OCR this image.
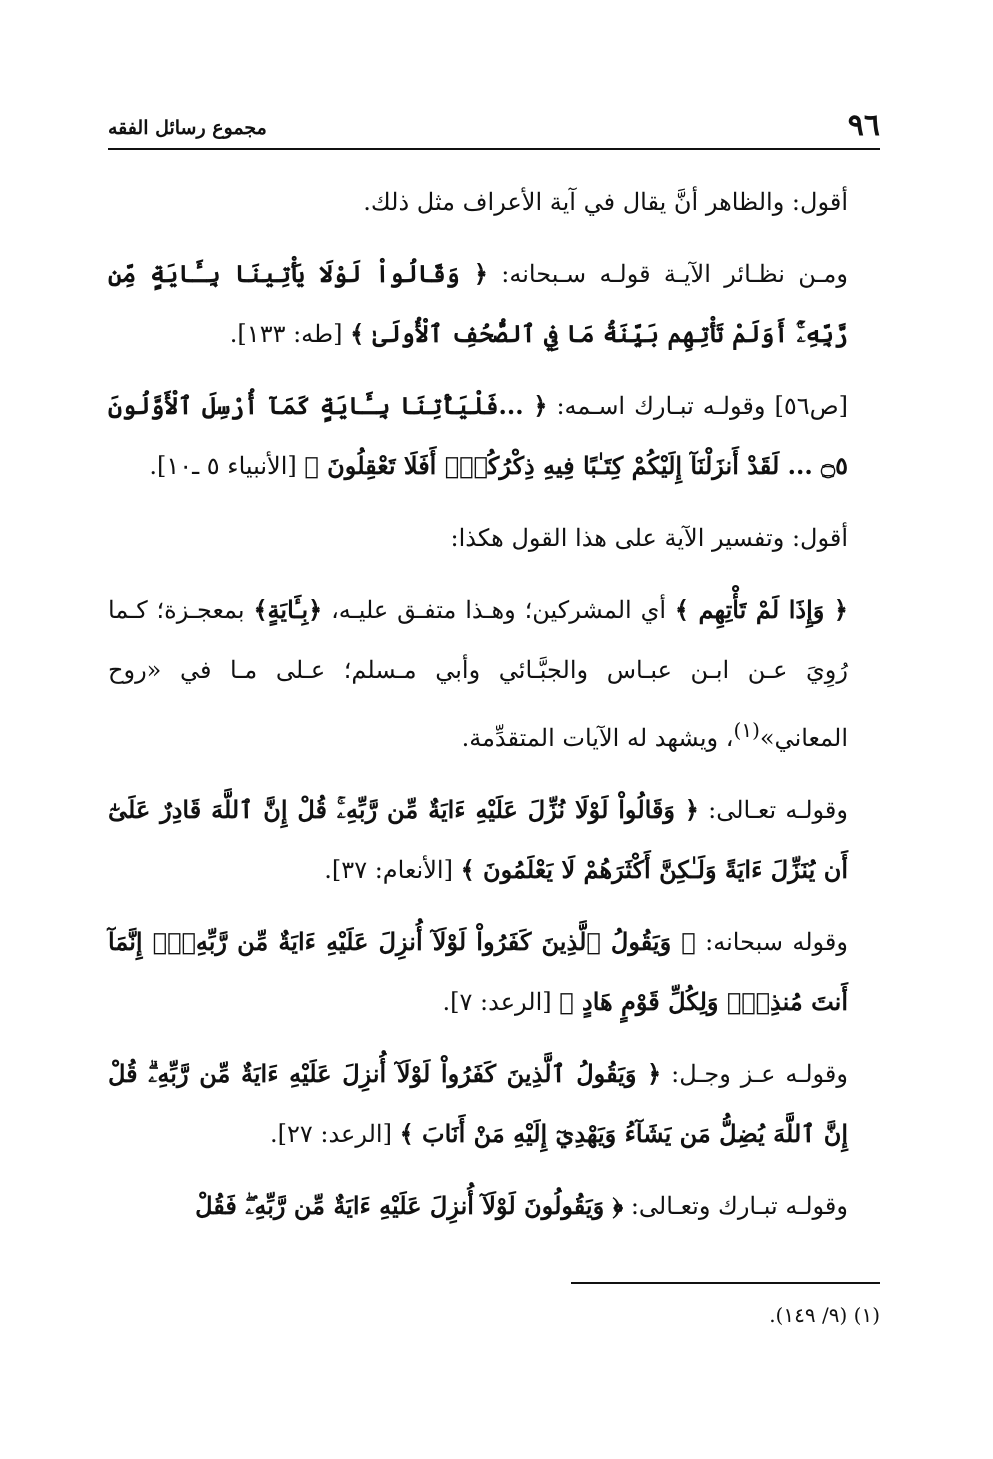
٩٦
مجموع رسائل الفقه

أقول: والظاهر أنَّ يقال في آية الأعراف مثل ذلك.

ومـن نظـائر الآيـة قولـه سـبحانه: ﴿ وَقَالُواْ لَوْلَا يَأْتِينَا بِـَٔايَةٍ مِّن رَّبِّهِۦٓۚ أَوَلَمْ تَأْتِهِم بَيِّنَةُ مَا فِي ٱلصُّحُفِ ٱلْأُولَىٰ ﴾ [طه: ١٣٣].

[ص٥٦] وقولـه تبـارك اسـمه: ﴿ ...فَلْيَأْتِنَا بِـَٔايَةٍ كَمَآ أُرْسِلَ ٱلْأَوَّلُونَ ۝٥ ... لَقَدْ أَنزَلْنَآ إِلَيْكُمْ كِتَـٰبًا فِيهِ ذِكْرُكُمْۚ أَفَلَا تَعْقِلُونَ ﴾ [الأنبياء ٥ ـ١٠].

أقول: وتفسير الآية على هذا القول هكذا:

﴿ وَإِذَا لَمْ تَأْتِهِم ﴾ أي المشركين؛ وهـذا متفـق عليـه، ﴿بِـَٔايَةٍ﴾ بمعجـزة؛ كـما رُوِيَ عـن ابـن عبـاس والجبَّـائي وأبي مـسلم؛ عـلى مـا في «روح المعاني»$^{(١)}$، ويشهد له الآيات المتقدِّمة.

وقولـه تعـالى: ﴿ وَقَالُواْ لَوْلَا نُزِّلَ عَلَيْهِ ءَايَةٌ مِّن رَّبِّهِۦۚ قُلْ إِنَّ ٱللَّهَ قَادِرٌ عَلَىٰٓ أَن يُنَزِّلَ ءَايَةً وَلَـٰكِنَّ أَكْثَرَهُمْ لَا يَعْلَمُونَ ﴾ [الأنعام: ٣٧].

وقوله سبحانه: ﴿ وَيَقُولُ ٱلَّذِينَ كَفَرُواْ لَوْلَآ أُنزِلَ عَلَيْهِ ءَايَةٌ مِّن رَّبِّهِۦٓۗ إِنَّمَآ أَنتَ مُنذِرٌۖ وَلِكُلِّ قَوْمٍ هَادٍ ﴾ [الرعد: ٧].

وقولـه عـز وجـل: ﴿ وَيَقُولُ ٱلَّذِينَ كَفَرُواْ لَوْلَآ أُنزِلَ عَلَيْهِ ءَايَةٌ مِّن رَّبِّهِۦۗ قُلْ إِنَّ ٱللَّهَ يُضِلُّ مَن يَشَآءُ وَيَهْدِيٓ إِلَيْهِ مَنْ أَنَابَ ﴾ [الرعد: ٢٧].

وقولـه تبـارك وتعـالى: ﴿ وَيَقُولُونَ لَوْلَآ أُنزِلَ عَلَيْهِ ءَايَةٌ مِّن رَّبِّهِۦۖ فَقُلْ

(١) (٩/ ١٤٩).
